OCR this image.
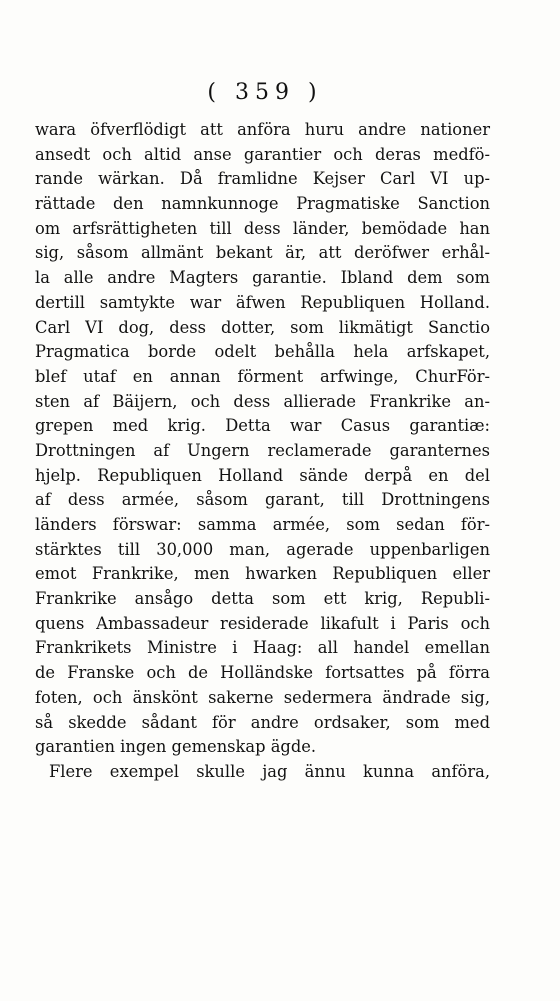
( 359 )
wara öfverflödigt att anföra huru andre nationer
ansedt och altid anse garantier och deras medfö-
rande wärkan. Då framlidne Kejser Carl VI up-
rättade den namnkunnoge Pragmatiske Sanction
om arfsrättigheten till dess länder, bemödade han
sig, såsom allmänt bekant är, att deröfwer erhål-
la alle andre Magters garantie. Ibland dem som
dertill samtykte war äfwen Republiquen Holland.
Carl VI dog, dess dotter, som likmätigt Sanctio
Pragmatica borde odelt behålla hela arfskapet,
blef utaf en annan förment arfwinge, ChurFör-
sten af Bäijern, och dess allierade Frankrike an-
grepen med krig. Detta war Casus garantiæ:
Drottningen af Ungern reclamerade garanternes
hjelp. Republiquen Holland sände derpå en del
af dess armée, såsom garant, till Drottningens
länders förswar: samma armée, som sedan för-
stärktes till 30,000 man, agerade uppenbarligen
emot Frankrike, men hwarken Republiquen eller
Frankrike ansågo detta som ett krig, Republi-
quens Ambassadeur residerade likafult i Paris och
Frankrikets Ministre i Haag: all handel emellan
de Franske och de Holländske fortsattes på förra
foten, och änskönt sakerne sedermera ändrade sig,
så skedde sådant för andre ordsaker, som med
garantien ingen gemenskap ägde.
Flere exempel skulle jag ännu kunna anföra,
